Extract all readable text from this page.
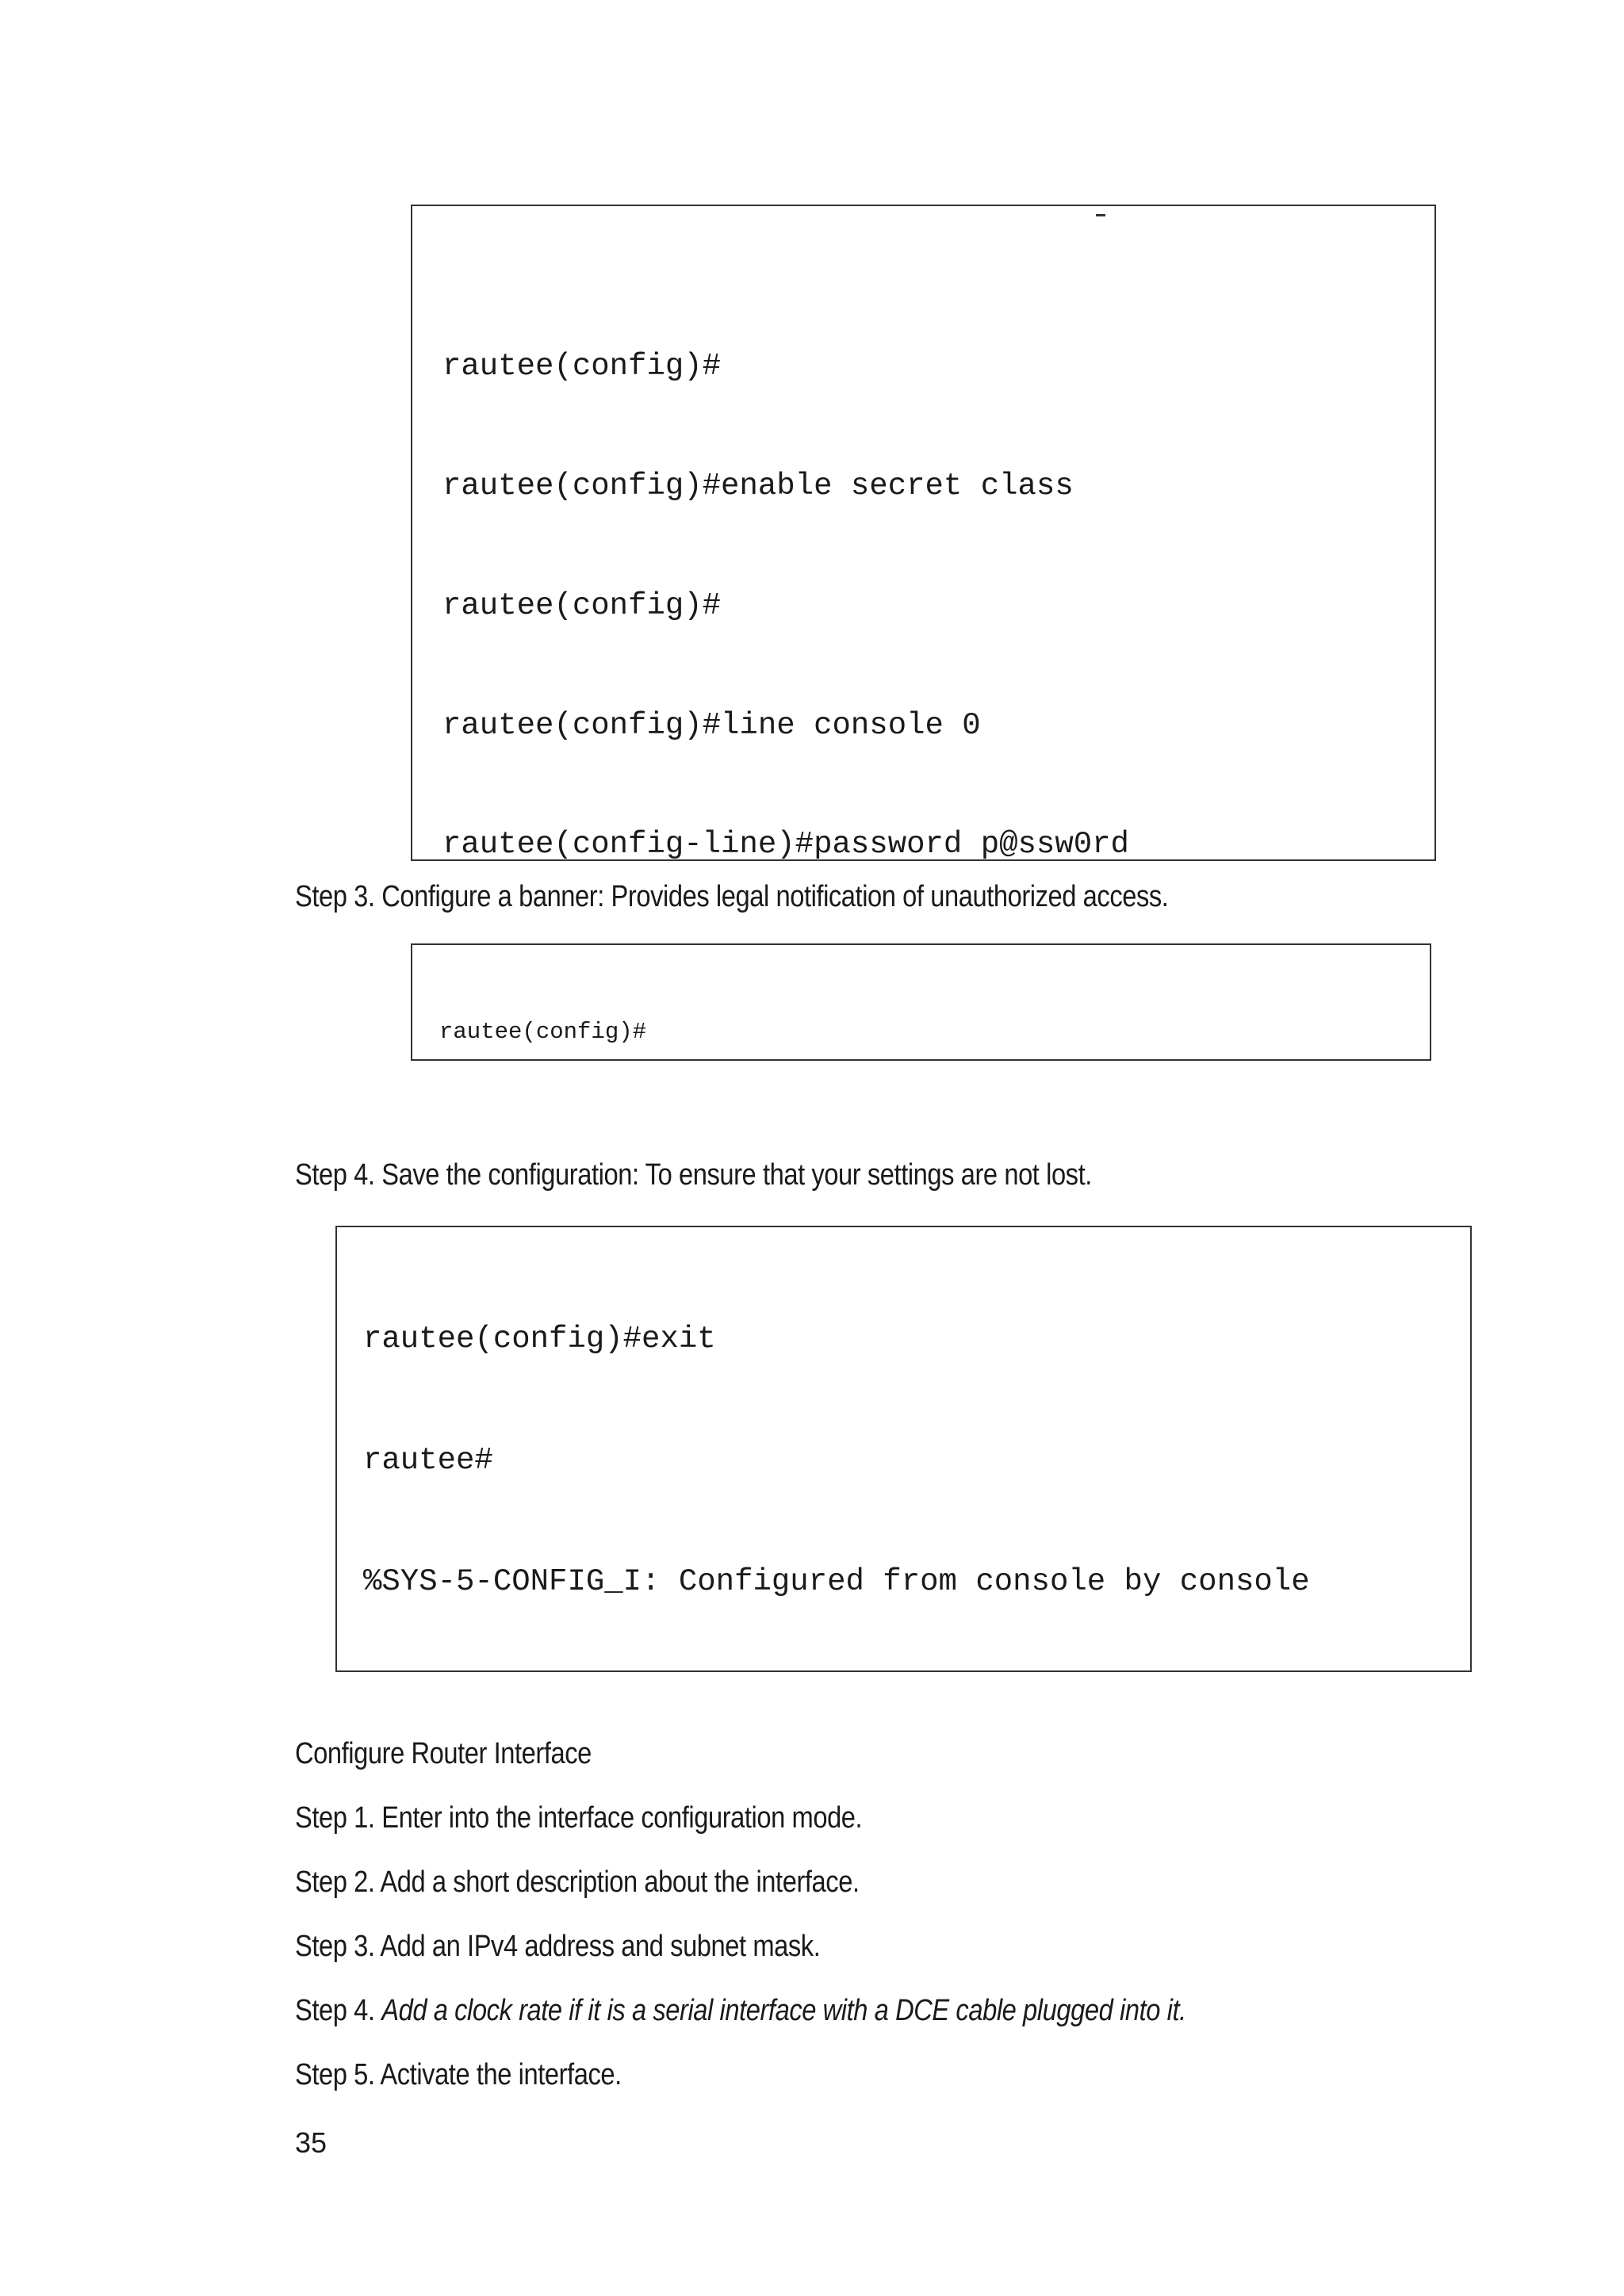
rautee(config)#

rautee(config)#enable secret class

rautee(config)#

rautee(config)#line console 0

rautee(config-line)#password p@ssw0rd

Step 3. Configure a banner: Provides legal notification of unauthorized access.

rautee(config)#

Step 4. Save the configuration: To ensure that your settings are not lost.

rautee(config)#exit

rautee#

%SYS-5-CONFIG_I: Configured from console by console

Configure Router Interface
Step 1. Enter into the interface configuration mode.
Step 2. Add a short description about the interface.
Step 3. Add an IPv4 address and subnet mask.
Step 4. Add a clock rate if it is a serial interface with a DCE cable plugged into it.
Step 5. Activate the interface.
35
